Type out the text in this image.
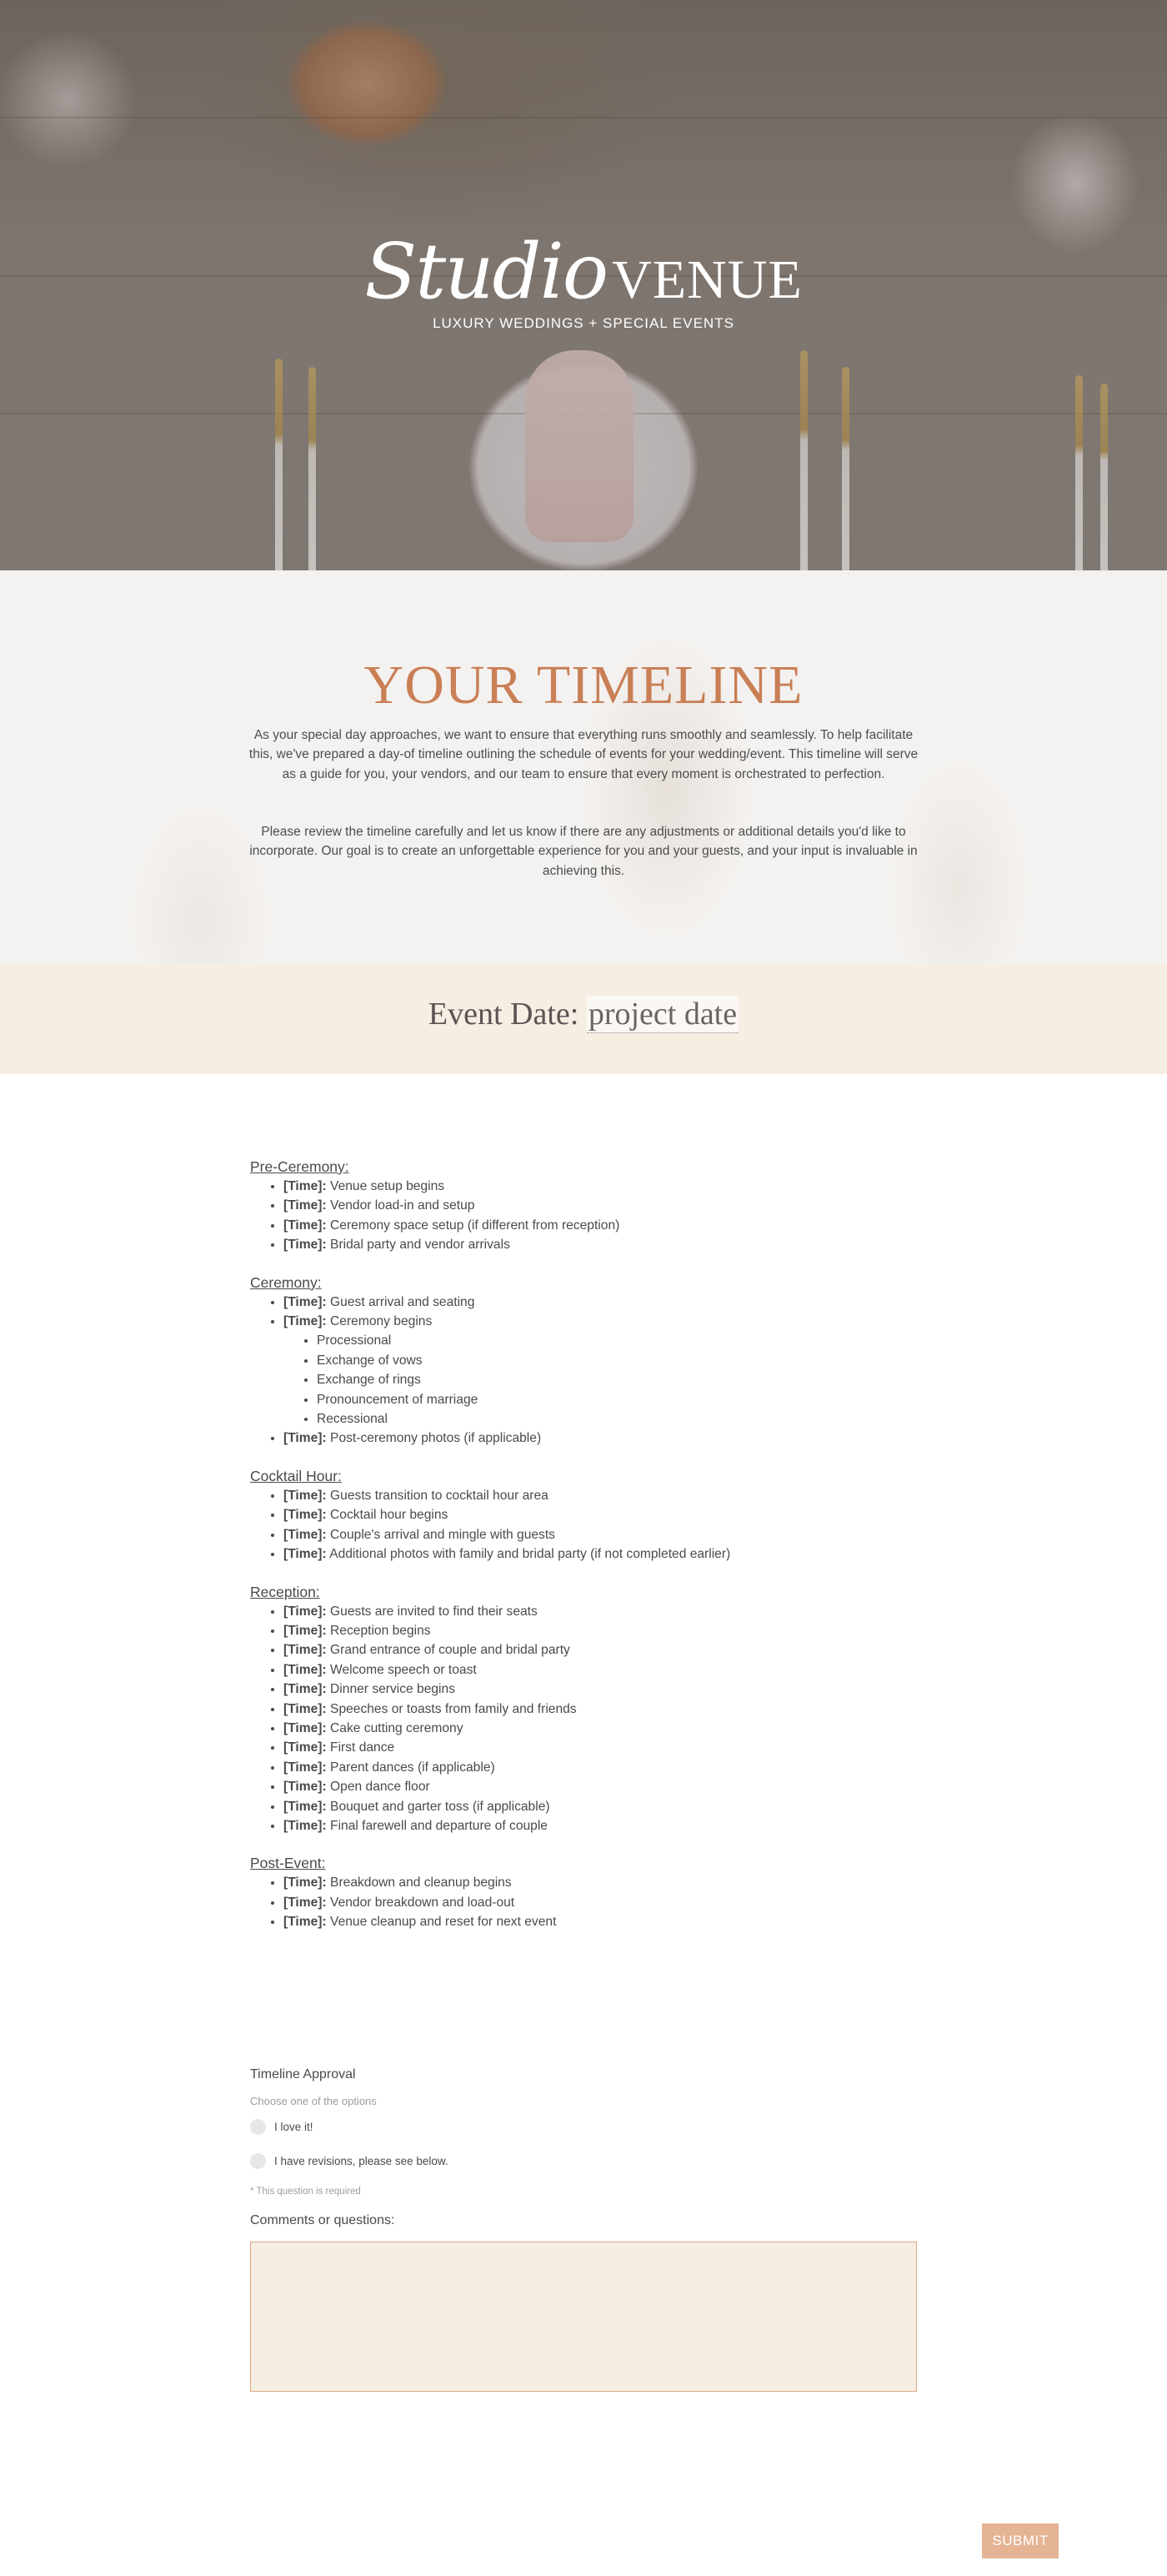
StudioVENUE
LUXURY WEDDINGS + SPECIAL EVENTS
YOUR TIMELINE

As your special day approaches, we want to ensure that everything runs smoothly and seamlessly. To help facilitate this, we've prepared a day-of timeline outlining the schedule of events for your wedding/event. This timeline will serve as a guide for you, your vendors, and our team to ensure that every moment is orchestrated to perfection.

Please review the timeline carefully and let us know if there are any adjustments or additional details you'd like to incorporate. Our goal is to create an unforgettable experience for you and your guests, and your input is invaluable in achieving this.

Event Date: project date
Pre-Ceremony:
• [Time]: Venue setup begins
• [Time]: Vendor load-in and setup
• [Time]: Ceremony space setup (if different from reception)
• [Time]: Bridal party and vendor arrivals
Ceremony:
• [Time]: Guest arrival and seating
• [Time]: Ceremony begins
• Processional
• Exchange of vows
• Exchange of rings
• Pronouncement of marriage
• Recessional
• [Time]: Post-ceremony photos (if applicable)
Cocktail Hour:
• [Time]: Guests transition to cocktail hour area
• [Time]: Cocktail hour begins
• [Time]: Couple's arrival and mingle with guests
• [Time]: Additional photos with family and bridal party (if not completed earlier)
Reception:
• [Time]: Guests are invited to find their seats
• [Time]: Reception begins
• [Time]: Grand entrance of couple and bridal party
• [Time]: Welcome speech or toast
• [Time]: Dinner service begins
• [Time]: Speeches or toasts from family and friends
• [Time]: Cake cutting ceremony
• [Time]: First dance
• [Time]: Parent dances (if applicable)
• [Time]: Open dance floor
• [Time]: Bouquet and garter toss (if applicable)
• [Time]: Final farewell and departure of couple
Post-Event:
• [Time]: Breakdown and cleanup begins
• [Time]: Vendor breakdown and load-out
• [Time]: Venue cleanup and reset for next event
Timeline Approval
Choose one of the options
I love it!
I have revisions, please see below.
* This question is required
Comments or questions:
SUBMIT
